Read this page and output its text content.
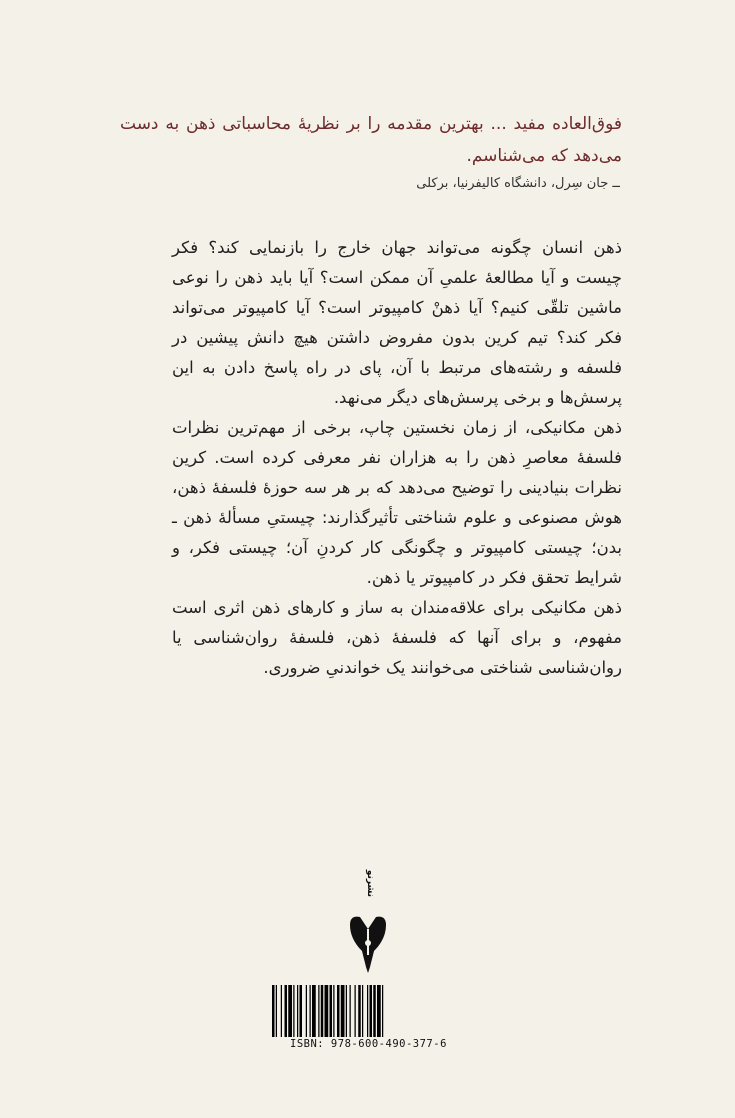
فوق‌العاده مفید ... بهترین مقدمه را بر نظریهٔ محاسباتی ذهن به دست می‌دهد که می‌شناسم.
ــ جان سِرل، دانشگاه کالیفرنیا، برکلی

ذهن انسان چگونه می‌تواند جهان خارج را بازنمایی کند؟ فکر چیست و آیا مطالعهٔ علمیِ آن ممکن است؟ آیا باید ذهن را نوعی ماشین تلقّی کنیم؟ آیا ذهنْ کامپیوتر است؟ آیا کامپیوتر می‌تواند فکر کند؟ تیم کرین بدون مفروض داشتن هیچ دانش پیشین در فلسفه و رشته‌های مرتبط با آن، پای در راه پاسخ دادن به این پرسش‌ها و برخی پرسش‌های دیگر می‌نهد.

ذهن مکانیکی، از زمان نخستین چاپ، برخی از مهم‌ترین نظرات فلسفهٔ معاصرِ ذهن را به هزاران نفر معرفی کرده است. کرین نظرات بنیادینی را توضیح می‌دهد که بر هر سه حوزهٔ فلسفهٔ ذهن، هوش مصنوعی و علوم شناختی تأثیرگذارند: چیستیِ مسألهٔ ذهن ـ بدن؛ چیستی کامپیوتر و چگونگی کار کردنِ آن؛ چیستی فکر، و شرایط تحقق فکر در کامپیوتر یا ذهن.

ذهن مکانیکی برای علاقه‌مندان به ساز و کارهای ذهن اثری است مفهوم، و برای آنها که فلسفهٔ ذهن، فلسفهٔ روان‌شناسی یا روان‌شناسی شناختی می‌خوانند یک خواندنیِ ضروری.

نشرنو
ISBN: 978-600-490-377-6
